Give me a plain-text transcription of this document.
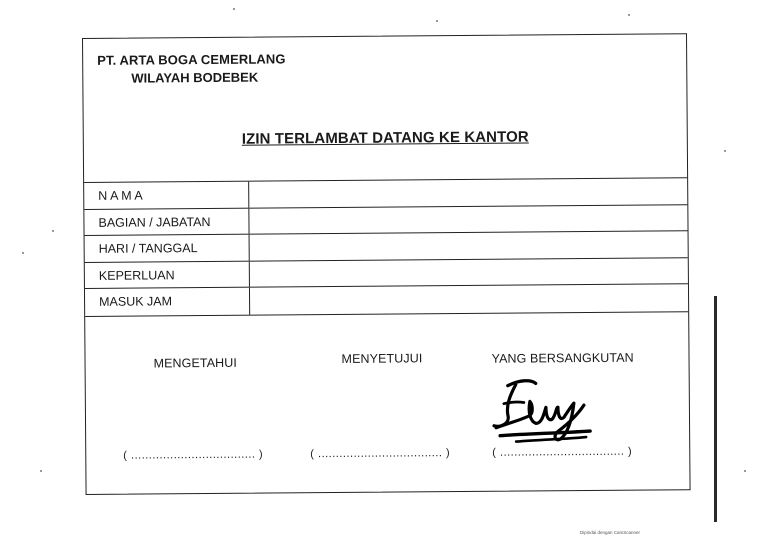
PT. ARTA BOGA CEMERLANG
WILAYAH BODEBEK
IZIN TERLAMBAT DATANG KE KANTOR
N A M A
BAGIAN / JABATAN
HARI / TANGGAL
KEPERLUAN
MASUK JAM
MENGETAHUI	MENYETUJUI	YANG BERSANGKUTAN
( ................................... )	( ................................... )	( ................................... )
Dipindai dengan CamScanner
